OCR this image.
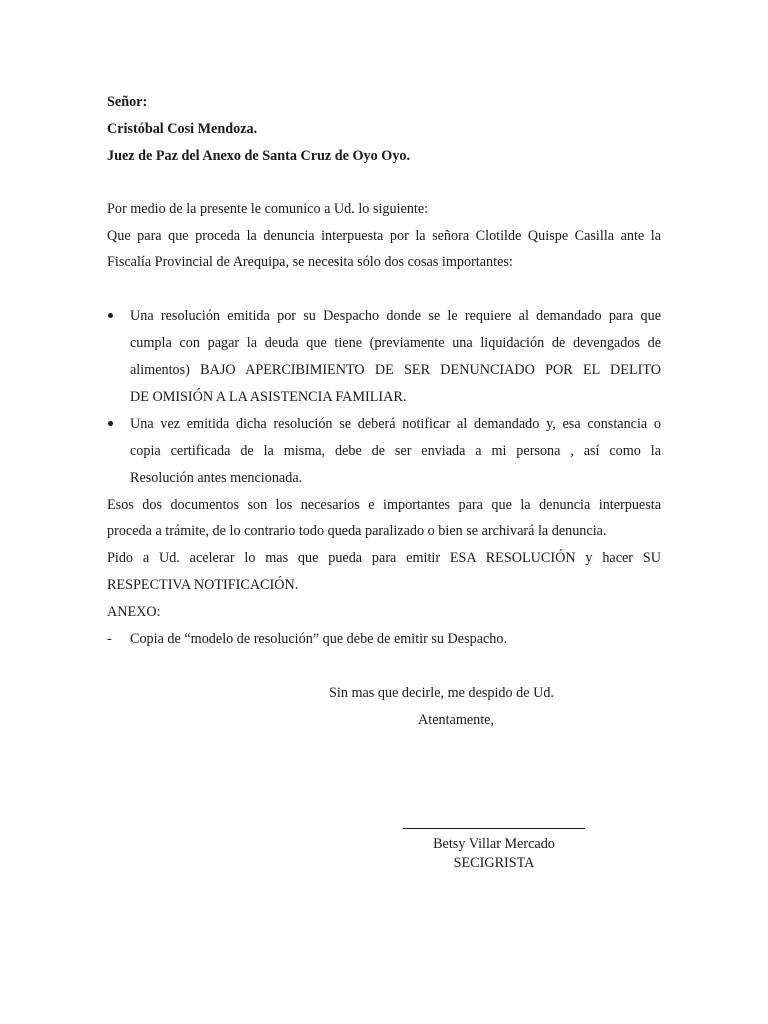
Señor:
Cristóbal Cosi Mendoza.
Juez de Paz del Anexo de Santa Cruz de Oyo Oyo.
Por medio de la presente le comunico a Ud. lo siguiente:
Que para que proceda la denuncia interpuesta por la señora Clotilde Quispe Casilla ante la
Fiscalía Provincial de Arequipa, se necesita sólo dos cosas importantes:
Una resolución emitida por su Despacho donde se le requiere al demandado para que
cumpla con pagar la deuda que tiene (previamente una liquidación de devengados de
alimentos) BAJO APERCIBIMIENTO DE SER DENUNCIADO POR EL DELITO
DE OMISIÓN A LA ASISTENCIA FAMILIAR.
Una vez emitida dicha resolución se deberá notificar al demandado y, esa constancia o
copia certificada de la misma, debe de ser enviada a mi persona , así como la
Resolución antes mencionada.
Esos dos documentos son los necesarios e importantes para que la denuncia interpuesta
proceda a trámite, de lo contrario todo queda paralizado o bien se archivará la denuncia.
Pido a Ud. acelerar lo mas que pueda para emitir ESA RESOLUCIÓN y hacer SU
RESPECTIVA NOTIFICACIÓN.
ANEXO:
- Copia de “modelo de resolución” que debe de emitir su Despacho.
Sin mas que decirle, me despido de Ud.
Atentamente,
Betsy Villar Mercado
SECIGRISTA
